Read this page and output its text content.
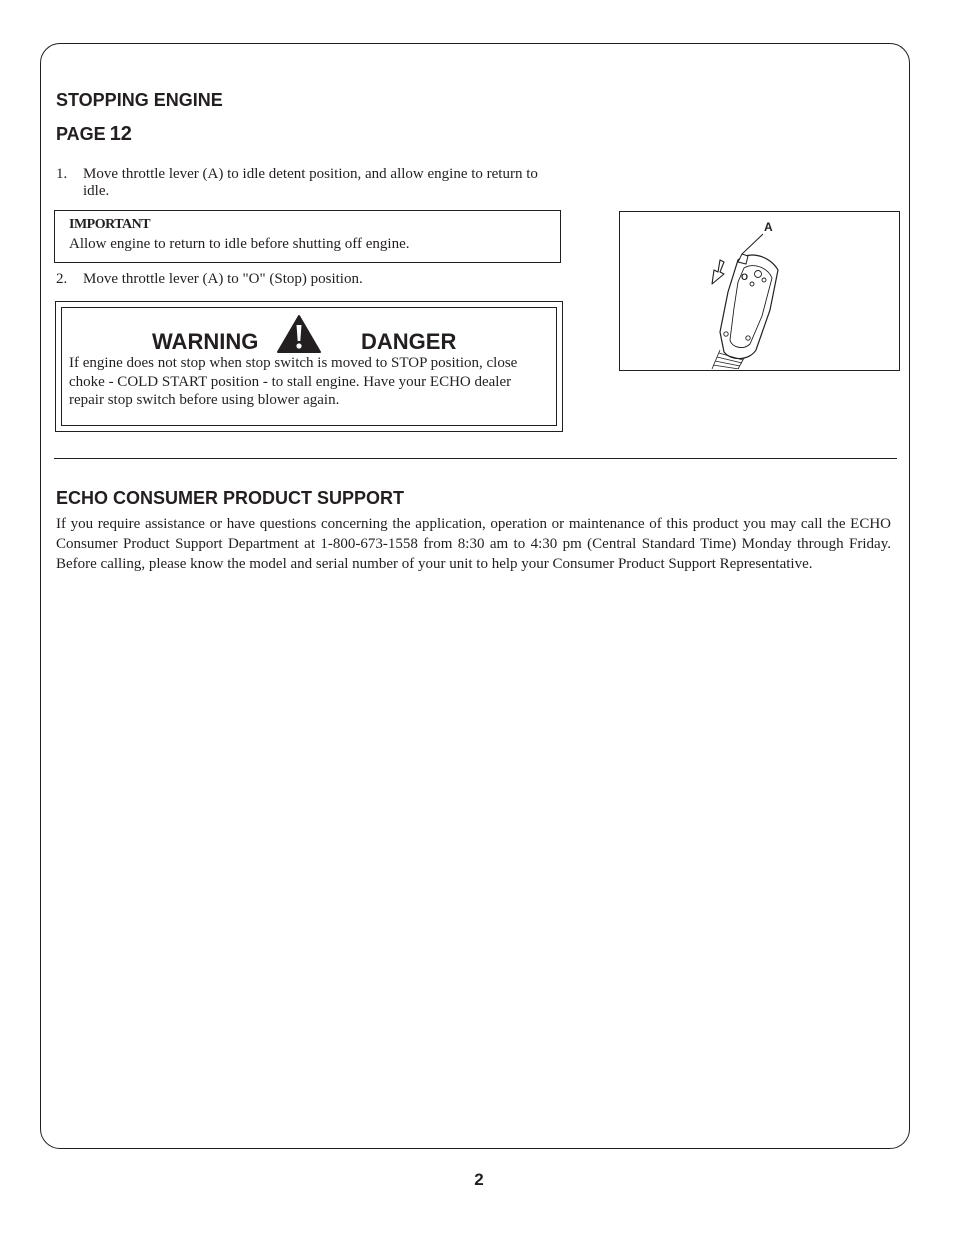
STOPPING ENGINE
PAGE 12
1. Move throttle lever (A) to idle detent position, and allow engine to return to idle.
IMPORTANT
Allow engine to return to idle before shutting off engine.
2. Move throttle lever (A) to "O" (Stop) position.
WARNING	DANGER
If engine does not stop when stop switch is moved to STOP position, close choke - COLD START position - to stall engine. Have your ECHO dealer repair stop switch before using blower again.
A
O
ECHO CONSUMER PRODUCT SUPPORT
If you require assistance or have questions concerning the application, operation or maintenance of this product you may call the ECHO Consumer Product Support Department at 1-800-673-1558 from 8:30 am to 4:30 pm (Central Standard Time) Monday through Friday. Before calling, please know the model and serial number of your unit to help your Consumer Product Support Representative.
2
